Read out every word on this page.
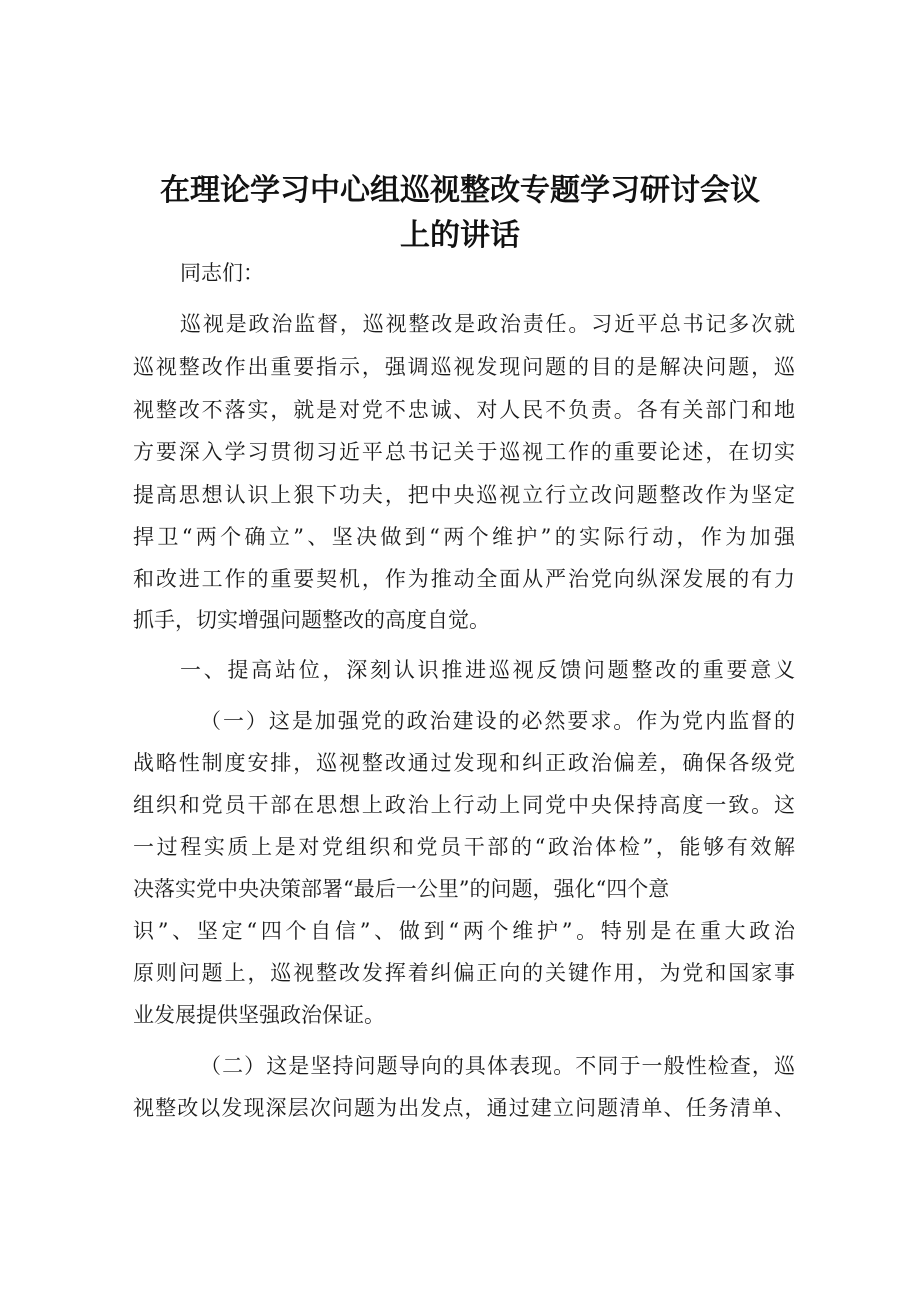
在理论学习中心组巡视整改专题学习研讨会议
上的讲话
同志们：
巡视是政治监督，巡视整改是政治责任。习近平总书记多次就
巡视整改作出重要指示，强调巡视发现问题的目的是解决问题，巡
视整改不落实，就是对党不忠诚、对人民不负责。各有关部门和地
方要深入学习贯彻习近平总书记关于巡视工作的重要论述，在切实
提高思想认识上狠下功夫，把中央巡视立行立改问题整改作为坚定
捍卫“两个确立”、坚决做到“两个维护”的实际行动，作为加强
和改进工作的重要契机，作为推动全面从严治党向纵深发展的有力
抓手，切实增强问题整改的高度自觉。
一、提高站位，深刻认识推进巡视反馈问题整改的重要意义
（一）这是加强党的政治建设的必然要求。作为党内监督的
战略性制度安排，巡视整改通过发现和纠正政治偏差，确保各级党
组织和党员干部在思想上政治上行动上同党中央保持高度一致。这
一过程实质上是对党组织和党员干部的“政治体检”，能够有效解
决落实党中央决策部署“最后一公里”的问题，强化“四个意
识”、坚定“四个自信”、做到“两个维护”。特别是在重大政治
原则问题上，巡视整改发挥着纠偏正向的关键作用，为党和国家事
业发展提供坚强政治保证。
（二）这是坚持问题导向的具体表现。不同于一般性检查，巡
视整改以发现深层次问题为出发点，通过建立问题清单、任务清单、
